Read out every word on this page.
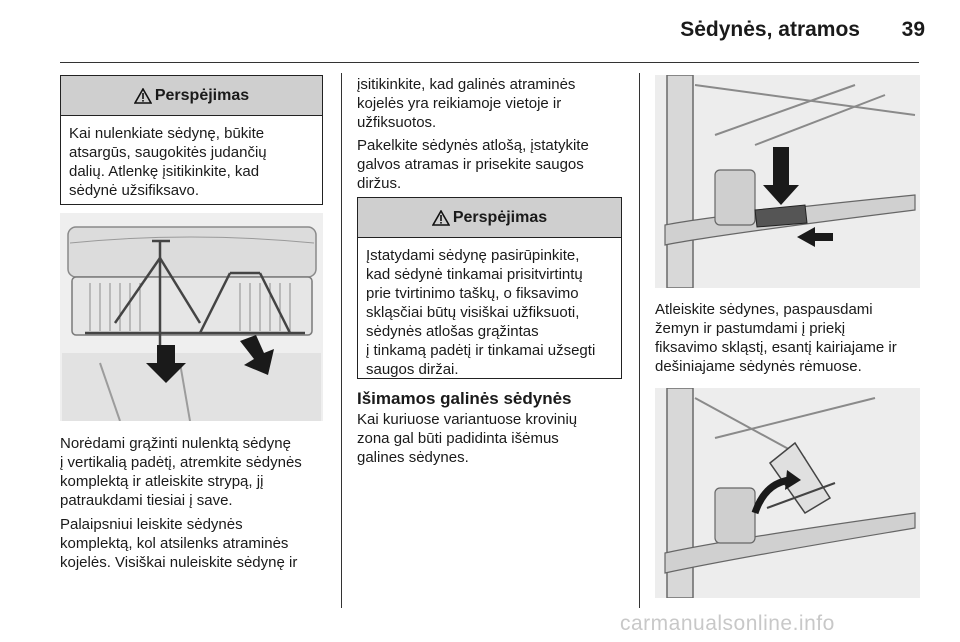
Sėdynės, atramos	39
Perspėjimas
Kai nulenkiate sėdynę, būkite
atsargūs, saugokitės judančių
dalių. Atlenkę įsitikinkite, kad
sėdynė užsifiksavo.
Norėdami grąžinti nulenktą sėdynę
į vertikalią padėtį, atremkite sėdynės
komplektą ir atleiskite strypą, jį
patraukdami tiesiai į save.
Palaipsniui leiskite sėdynės
komplektą, kol atsilenks atraminės
kojelės. Visiškai nuleiskite sėdynę ir
įsitikinkite, kad galinės atraminės
kojelės yra reikiamoje vietoje ir
užfiksuotos.
Pakelkite sėdynės atlošą, įstatykite
galvos atramas ir prisekite saugos
diržus.
Perspėjimas
Įstatydami sėdynę pasirūpinkite,
kad sėdynė tinkamai prisitvirtintų
prie tvirtinimo taškų, o fiksavimo
skląsčiai būtų visiškai užfiksuoti,
sėdynės atlošas grąžintas
į tinkamą padėtį ir tinkamai užsegti
saugos diržai.
Išimamos galinės sėdynės
Kai kuriuose variantuose krovinių
zona gal būti padidinta išėmus
galines sėdynes.
Atleiskite sėdynes, paspausdami
žemyn ir pastumdami į priekį
fiksavimo skląstį, esantį kairiajame ir
dešiniajame sėdynės rėmuose.
carmanualsonline.info
